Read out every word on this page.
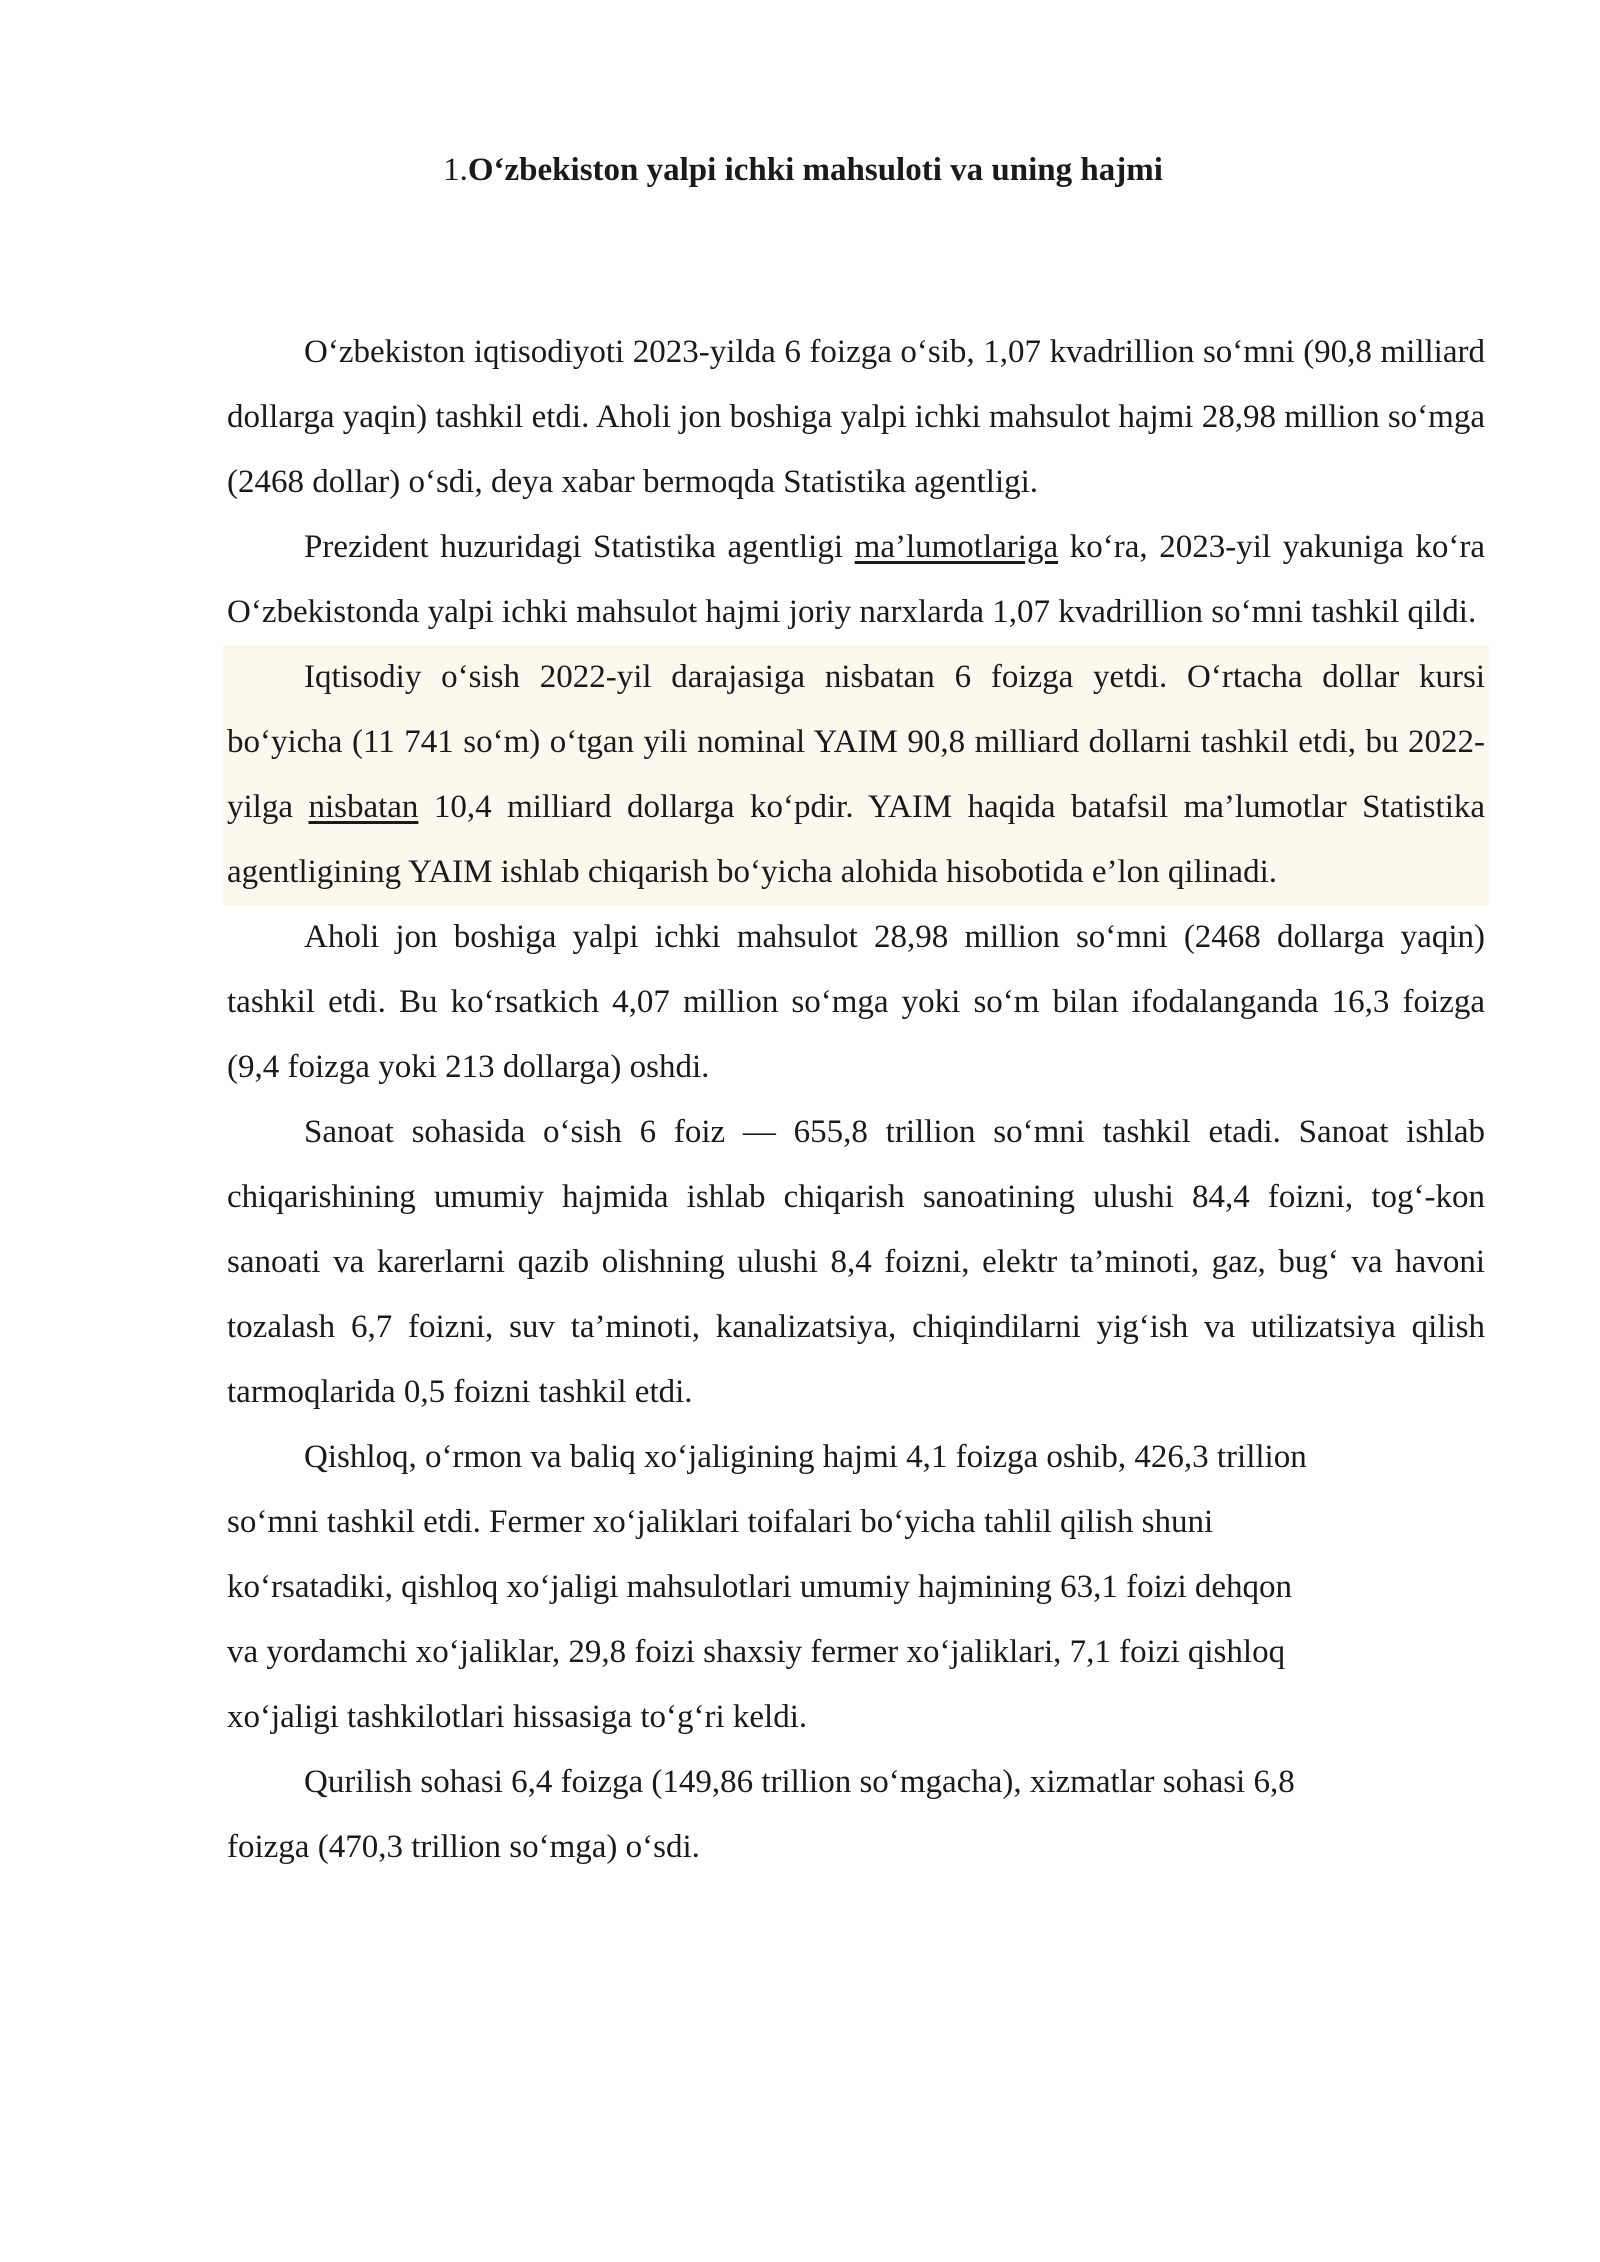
1.O‘zbekiston yalpi ichki mahsuloti va uning hajmi

O‘zbekiston iqtisodiyoti 2023-yilda 6 foizga o‘sib, 1,07 kvadrillion so‘mni (90,8 milliard dollarga yaqin) tashkil etdi. Aholi jon boshiga yalpi ichki mahsulot hajmi 28,98 million so‘mga (2468 dollar) o‘sdi, deya xabar bermoqda Statistika agentligi.

Prezident huzuridagi Statistika agentligi ma’lumotlariga ko‘ra, 2023-yil yakuniga ko‘ra O‘zbekistonda yalpi ichki mahsulot hajmi joriy narxlarda 1,07 kvadrillion so‘mni tashkil qildi.

Iqtisodiy o‘sish 2022-yil darajasiga nisbatan 6 foizga yetdi. O‘rtacha dollar kursi bo‘yicha (11 741 so‘m) o‘tgan yili nominal YAIM 90,8 milliard dollarni tashkil etdi, bu 2022-yilga nisbatan 10,4 milliard dollarga ko‘pdir. YAIM haqida batafsil ma’lumotlar Statistika agentligining YAIM ishlab chiqarish bo‘yicha alohida hisobotida e’lon qilinadi.

Aholi jon boshiga yalpi ichki mahsulot 28,98 million so‘mni (2468 dollarga yaqin) tashkil etdi. Bu ko‘rsatkich 4,07 million so‘mga yoki so‘m bilan ifodalanganda 16,3 foizga (9,4 foizga yoki 213 dollarga) oshdi.

Sanoat sohasida o‘sish 6 foiz — 655,8 trillion so‘mni tashkil etadi. Sanoat ishlab chiqarishining umumiy hajmida ishlab chiqarish sanoatining ulushi 84,4 foizni, tog‘-kon sanoati va karerlarni qazib olishning ulushi 8,4 foizni, elektr ta’minoti, gaz, bug‘ va havoni tozalash 6,7 foizni, suv ta’minoti, kanalizatsiya, chiqindilarni yig‘ish va utilizatsiya qilish tarmoqlarida 0,5 foizni tashkil etdi.

Qishloq, o‘rmon va baliq xo‘jaligining hajmi 4,1 foizga oshib, 426,3 trillion
so‘mni tashkil etdi. Fermer xo‘jaliklari toifalari bo‘yicha tahlil qilish shuni
ko‘rsatadiki, qishloq xo‘jaligi mahsulotlari umumiy hajmining 63,1 foizi dehqon
va yordamchi xo‘jaliklar, 29,8 foizi shaxsiy fermer xo‘jaliklari, 7,1 foizi qishloq
xo‘jaligi tashkilotlari hissasiga to‘g‘ri keldi.

Qurilish sohasi 6,4 foizga (149,86 trillion so‘mgacha), xizmatlar sohasi 6,8
foizga (470,3 trillion so‘mga) o‘sdi.
